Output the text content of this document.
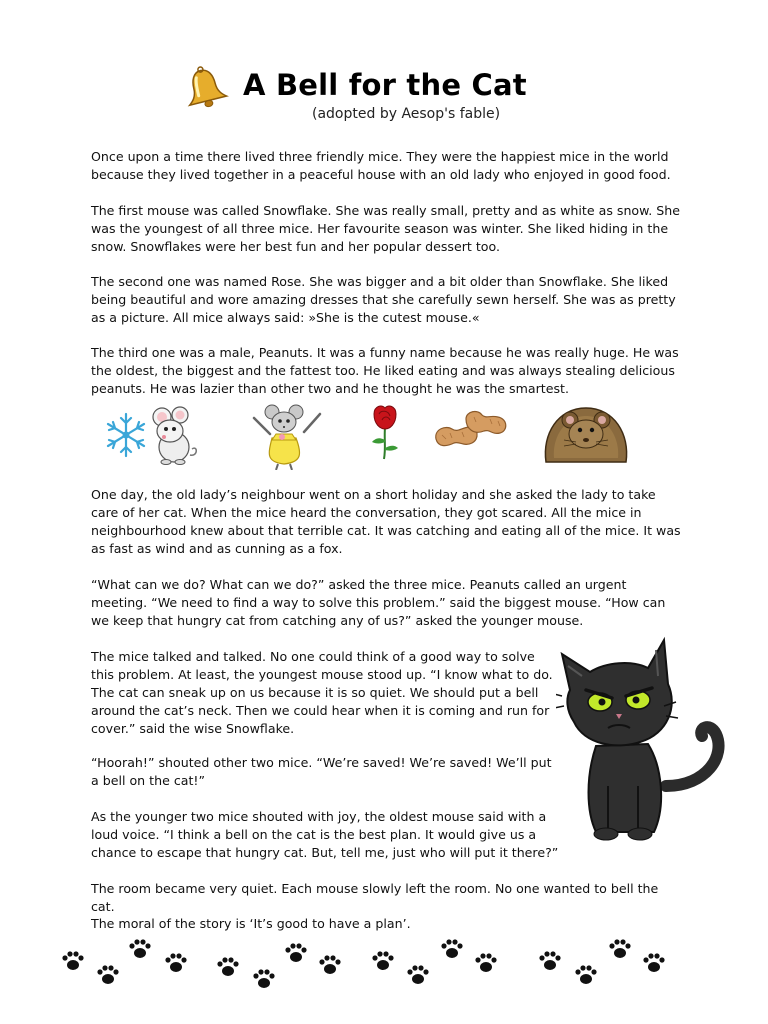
A Bell for the Cat
(adopted by Aesop's fable)

Once upon a time there lived three friendly mice. They were the happiest mice in the world because they lived together in a peaceful house with an old lady who enjoyed in good food.

The first mouse was called Snowflake. She was really small, pretty and as white as snow. She was the youngest of all three mice. Her favourite season was winter. She liked hiding in the snow. Snowflakes were her best fun and her popular dessert too.

The second one was named Rose. She was bigger and a bit older than Snowflake. She liked being beautiful and wore amazing dresses that she carefully sewn herself. She was as pretty as a picture. All mice always said: »She is the cutest mouse.«

The third one was a male, Peanuts. It was a funny name because he was really huge. He was the oldest, the biggest and the fattest too. He liked eating and was always stealing delicious peanuts. He was lazier than other two and he thought he was the smartest.

One day, the old lady’s neighbour went on a short holiday and she asked the lady to take care of her cat. When the mice heard the conversation, they got scared. All the mice in neighbourhood knew about that terrible cat. It was catching and eating all of the mice. It was as fast as wind and as cunning as a fox.

“What can we do? What can we do?” asked the three mice. Peanuts called an urgent meeting. “We need to find a way to solve this problem.” said the biggest mouse. “How can we keep that hungry cat from catching any of us?” asked the younger mouse.

The mice talked and talked. No one could think of a good way to solve this problem. At least, the youngest mouse stood up. “I know what to do. The cat can sneak up on us because it is so quiet. We should put a bell around the cat’s neck. Then we could hear when it is coming and run for cover.” said the wise Snowflake.

“Hoorah!” shouted other two mice. “We’re saved! We’re saved! We’ll put a bell on the cat!”

As the younger two mice shouted with joy, the oldest mouse said with a loud voice. “I think a bell on the cat is the best plan. It would give us a chance to escape that hungry cat. But, tell me, just who will put it there?”

The room became very quiet. Each mouse slowly left the room. No one wanted to bell the cat.

The moral of the story is ‘It’s good to have a plan’.
